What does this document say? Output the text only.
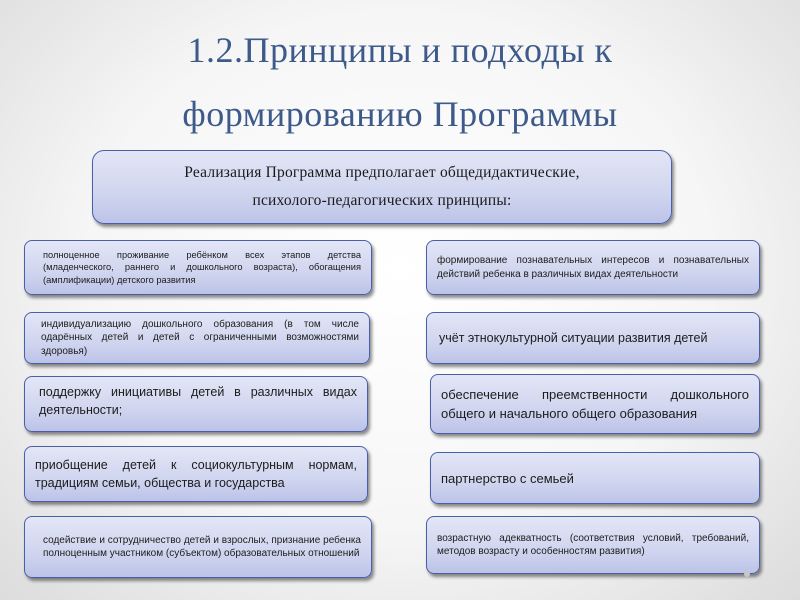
1.2.Принципы и подходы к
формированию Программы
Реализация Программа предполагает общедидактические,
психолого-педагогических принципы:
полноценное проживание ребёнком всех этапов детства (младенческого, раннего и дошкольного возраста), обогащения (амплификации) детского развития
индивидуализацию дошкольного образования (в том числе одарённых детей и детей с ограниченными возможностями здоровья)
поддержку инициативы детей в различных видах деятельности;
приобщение детей к социокультурным нормам, традициям семьи, общества и государства
содействие и сотрудничество детей и взрослых, признание ребенка полноценным участником (субъектом) образовательных отношений
формирование познавательных интересов и познавательных действий ребенка в различных видах деятельности
учёт этнокультурной ситуации развития детей
обеспечение преемственности дошкольного общего и начального общего образования
партнерство с семьей
возрастную адекватность (соответствия условий, требований, методов возрасту и особенностям развития)
